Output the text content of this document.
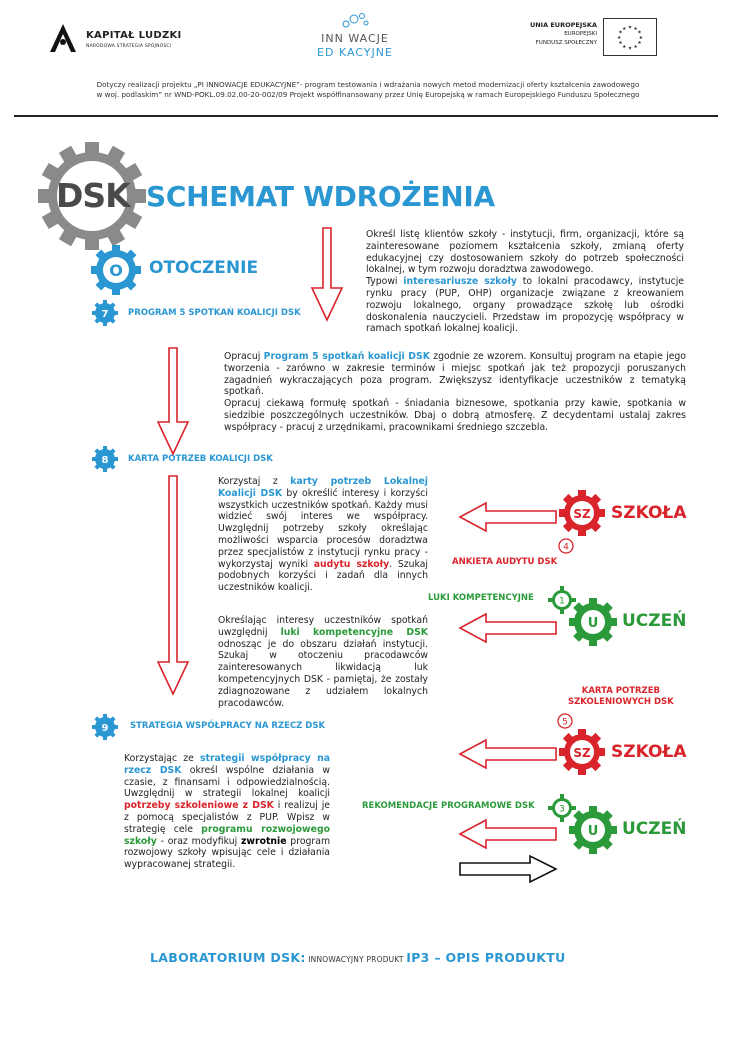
KAPITAŁ LUDZKI
NARODOWA STRATEGIA SPÓJNOŚCI
INN WACJE
ED KACYJNE
UNIA EUROPEJSKA
EUROPEJSKI
FUNDUSZ SPOŁECZNY
★ ★
★
★
★
★
★
★
★
★
★
★
Dotyczy realizacji projektu „PI INNOWACJE EDUKACYJNE”- program testowania i wdrażania nowych metod modernizacji oferty kształcenia zawodowego
w woj. podlaskim” nr WND-POKL.09.02.00-20-002/09 Projekt współfinansowany przez Unię Europejską w ramach Europejskiego Funduszu Społecznego
DSK SCHEMAT WDROŻENIA
O OTOCZENIE
7 PROGRAM 5 SPOTKAŃ KOALICJI DSK
8 KARTA POTRZEB KOALICJI DSK
9	STRATEGIA WSPÓŁPRACY NA RZECZ DSK
Określ listę klientów szkoły - instytucji, firm, organizacji, które są zainteresowane poziomem kształcenia szkoły, zmianą oferty edukacyjnej czy dostosowaniem szkoły do potrzeb społeczności lokalnej, w tym rozwoju doradztwa zawodowego.
Typowi interesariusze szkoły to lokalni pracodawcy, instytucje rynku pracy (PUP, OHP) organizacje związane z kreowaniem rozwoju lokalnego, organy prowadzące szkołę lub ośrodki doskonalenia nauczycieli. Przedstaw im propozycję współpracy w ramach spotkań lokalnej koalicji.
Opracuj Program 5 spotkań koalicji DSK zgodnie ze wzorem. Konsultuj program na etapie jego tworzenia - zarówno w zakresie terminów i miejsc spotkań jak też propozycji poruszanych zagadnień wykraczających poza program. Zwiększysz identyfikacje uczestników z tematyką spotkań.
Opracuj ciekawą formułę spotkań - śniadania biznesowe, spotkania przy kawie, spotkania w siedzibie poszczególnych uczestników. Dbaj o dobrą atmosferę. Z decydentami ustalaj zakres współpracy - pracuj z urzędnikami, pracownikami średniego szczebla.
Korzystaj z karty potrzeb Lokalnej Koalicji DSK by określić interesy i korzyści wszystkich uczestników spotkań. Każdy musi widzieć swój interes we współpracy. Uwzględnij potrzeby szkoły określając możliwości wsparcia procesów doradztwa przez specjalistów z instytucji rynku pracy - wykorzystaj wyniki audytu szkoły. Szukaj podobnych korzyści i zadań dla innych uczestników koalicji.
Określając interesy uczestników spotkań uwzględnij luki kompetencyjne DSK odnosząc je do obszaru działań instytucji. Szukaj w otoczeniu pracodawców zainteresowanych likwidacją luk kompetencyjnych DSK - pamiętaj, że zostały zdiagnozowane z udziałem lokalnych pracodawców.
Korzystając ze strategii współpracy na rzecz DSK określ wspólne działania w czasie, z finansami i odpowiedzialnością. Uwzględnij w strategii lokalnej koalicji potrzeby szkoleniowe z DSK i realizuj je z pomocą specjalistów z PUP. Wpisz w strategię cele programu rozwojowego szkoły - oraz modyfikuj zwrotnie program rozwojowy szkoły wpisując cele i działania wypracowanej strategii.
SZ SZKOŁA
4
ANKIETA AUDYTU DSK
LUKI KOMPETENCYJNE	1
U UCZEŃ
KARTA POTRZEB
SZKOLENIOWYCH DSK
5
SZ SZKOŁA
REKOMENDACJE PROGRAMOWE DSK	3
U UCZEŃ
LABORATORIUM DSK: INNOWACYJNY PRODUKT IP3 – OPIS PRODUKTU
